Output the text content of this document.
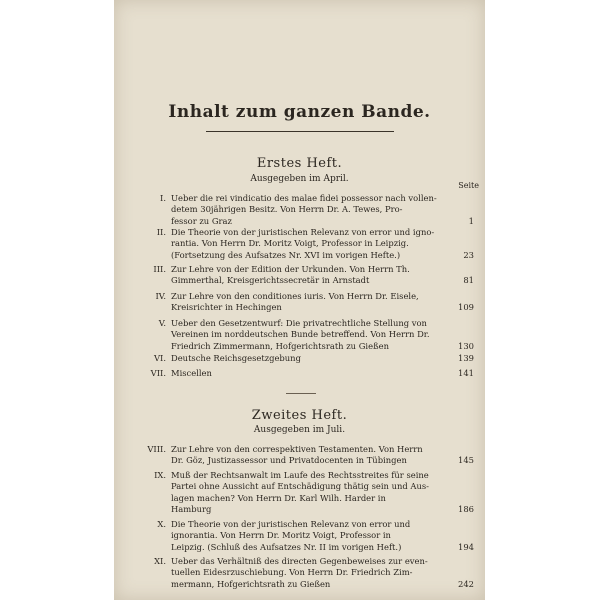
Inhalt zum ganzen Bande.
Erstes Heft.
Ausgegeben im April.
Seite
I. Ueber die rei vindicatio des malae fidei possessor nach vollen-
detem 30jährigen Besitz. Von Herrn Dr. A. Tewes, Pro-
fessor zu Graz	1
II. Die Theorie von der juristischen Relevanz von error und igno-
rantia. Von Herrn Dr. Moritz Voigt, Professor in Leipzig.
(Fortsetzung des Aufsatzes Nr. XVI im vorigen Hefte.)	23
III. Zur Lehre von der Edition der Urkunden. Von Herrn Th.
Gimmerthal, Kreisgerichtssecretär in Arnstadt	81
IV. Zur Lehre von den conditiones iuris. Von Herrn Dr. Eisele,
Kreisrichter in Hechingen	109
V. Ueber den Gesetzentwurf: Die privatrechtliche Stellung von
Vereinen im norddeutschen Bunde betreffend. Von Herrn Dr.
Friedrich Zimmermann, Hofgerichtsrath zu Gießen	130
VI. Deutsche Reichsgesetzgebung	139
VII. Miscellen	141
Zweites Heft.
Ausgegeben im Juli.
VIII. Zur Lehre von den correspektiven Testamenten. Von Herrn
Dr. Göz, Justizassessor und Privatdocenten in Tübingen	145
IX. Muß der Rechtsanwalt im Laufe des Rechtsstreites für seine
Partei ohne Aussicht auf Entschädigung thätig sein und Aus-
lagen machen? Von Herrn Dr. Karl Wilh. Harder in
Hamburg	186
X. Die Theorie von der juristischen Relevanz von error und
ignorantia. Von Herrn Dr. Moritz Voigt, Professor in
Leipzig. (Schluß des Aufsatzes Nr. II im vorigen Heft.)	194
XI. Ueber das Verhältniß des directen Gegenbeweises zur even-
tuellen Eidesrzuschiebung. Von Herrn Dr. Friedrich Zim-
mermann, Hofgerichtsrath zu Gießen	242
